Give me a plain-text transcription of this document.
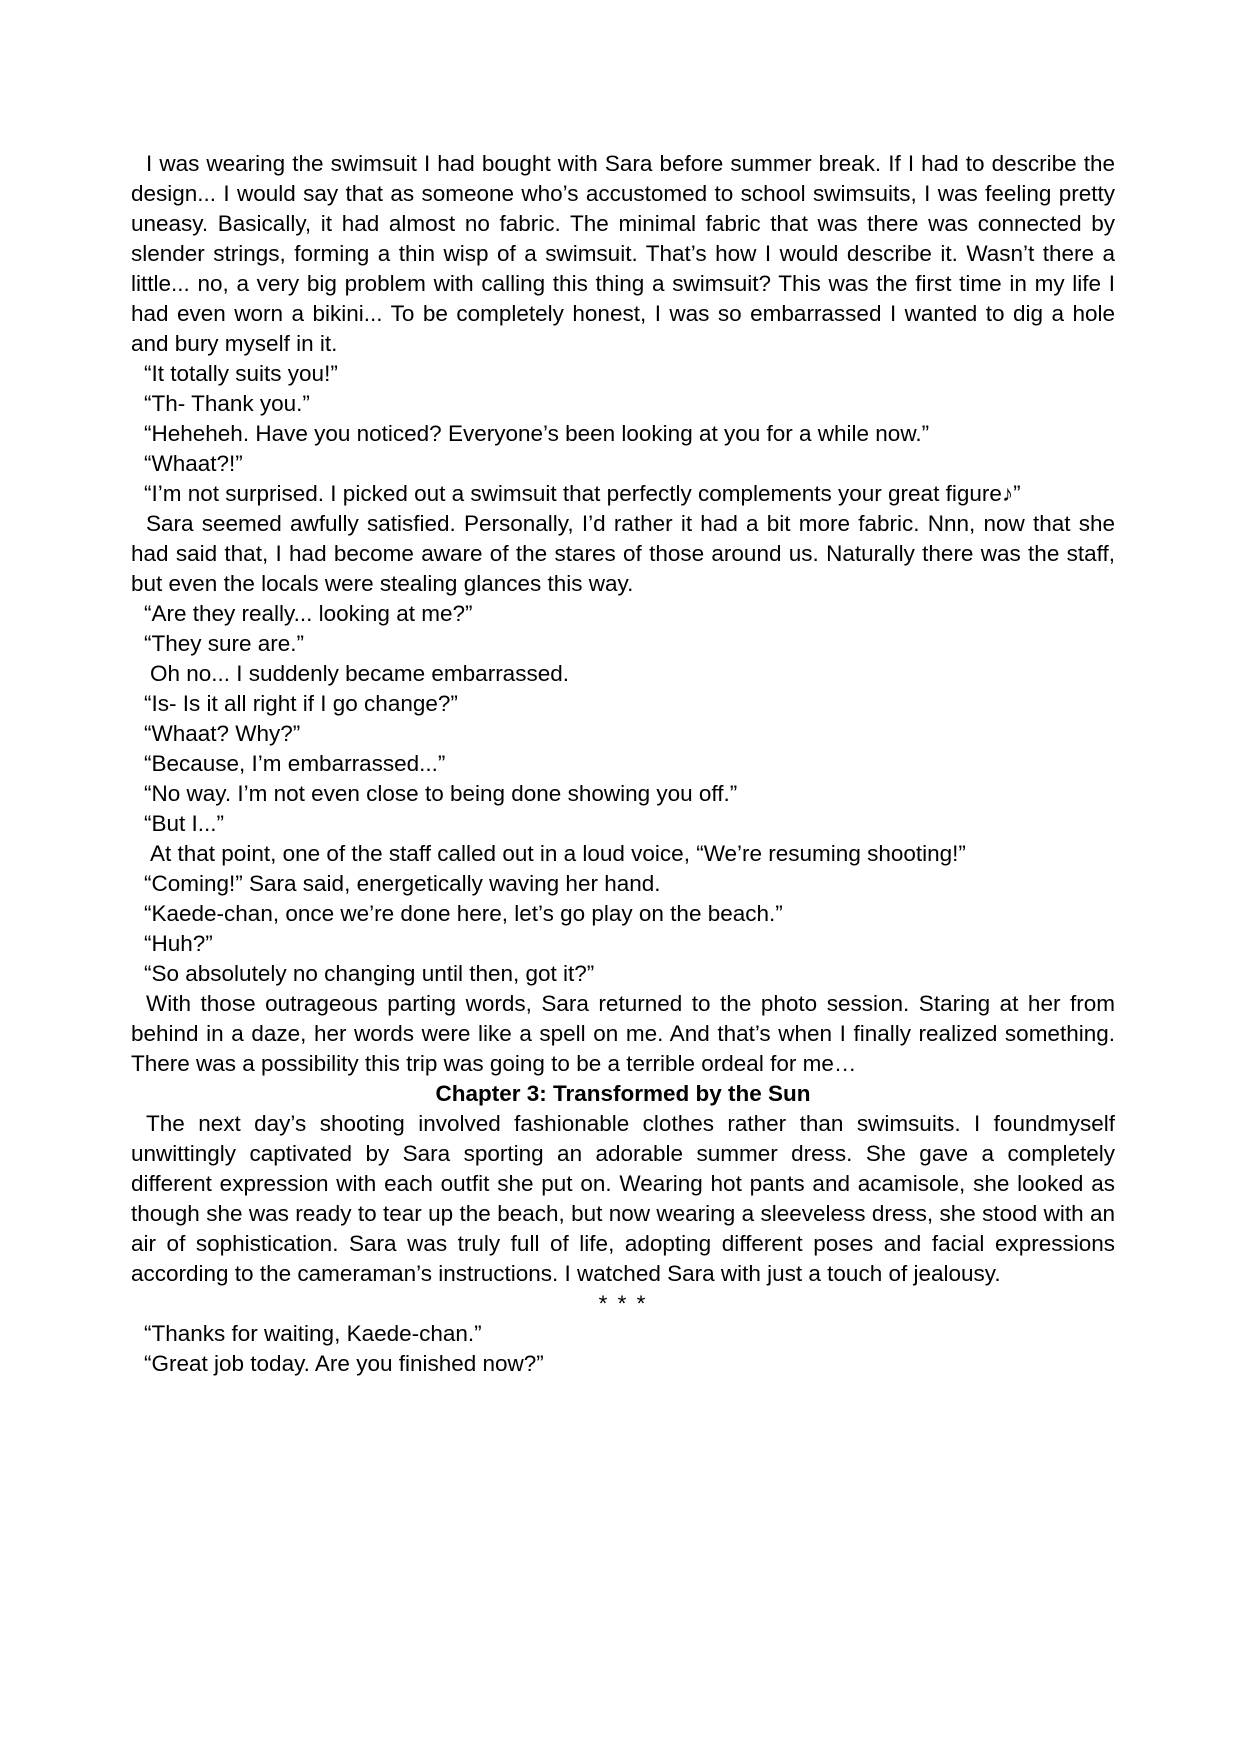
I was wearing the swimsuit I had bought with Sara before summer break. If I had to describe the design... I would say that as someone who’s accustomed to school swimsuits, I was feeling pretty uneasy. Basically, it had almost no fabric. The minimal fabric that was there was connected by slender strings, forming a thin wisp of a swimsuit. That’s how I would describe it. Wasn’t there a little... no, a very big problem with calling this thing a swimsuit? This was the first time in my life I had even worn a bikini... To be completely honest, I was so embarrassed I wanted to dig a hole and bury myself in it.

“It totally suits you!”

“Th- Thank you.”

“Heheheh. Have you noticed? Everyone’s been looking at you for a while now.”

“Whaat?!”

“I’m not surprised. I picked out a swimsuit that perfectly complements your great figure♪”

Sara seemed awfully satisfied. Personally, I’d rather it had a bit more fabric. Nnn, now that she had said that, I had become aware of the stares of those around us. Naturally there was the staff, but even the locals were stealing glances this way.

“Are they really... looking at me?”

“They sure are.”

Oh no... I suddenly became embarrassed.

“Is- Is it all right if I go change?”

“Whaat? Why?”

“Because, I’m embarrassed...”

“No way. I’m not even close to being done showing you off.”

“But I...”

At that point, one of the staff called out in a loud voice, “We’re resuming shooting!”

“Coming!” Sara said, energetically waving her hand.

“Kaede-chan, once we’re done here, let’s go play on the beach.”

“Huh?”

“So absolutely no changing until then, got it?”

With those outrageous parting words, Sara returned to the photo session. Staring at her from behind in a daze, her words were like a spell on me. And that’s when I finally realized something. There was a possibility this trip was going to be a terrible ordeal for me…

Chapter 3: Transformed by the Sun

The next day’s shooting involved fashionable clothes rather than swimsuits. I foundmyself unwittingly captivated by Sara sporting an adorable summer dress. She gave a completely different expression with each outfit she put on. Wearing hot pants and acamisole, she looked as though she was ready to tear up the beach, but now wearing a sleeveless dress, she stood with an air of sophistication. Sara was truly full of life, adopting different poses and facial expressions according to the cameraman’s instructions. I watched Sara with just a touch of jealousy.

* * *

“Thanks for waiting, Kaede-chan.”

“Great job today. Are you finished now?”
